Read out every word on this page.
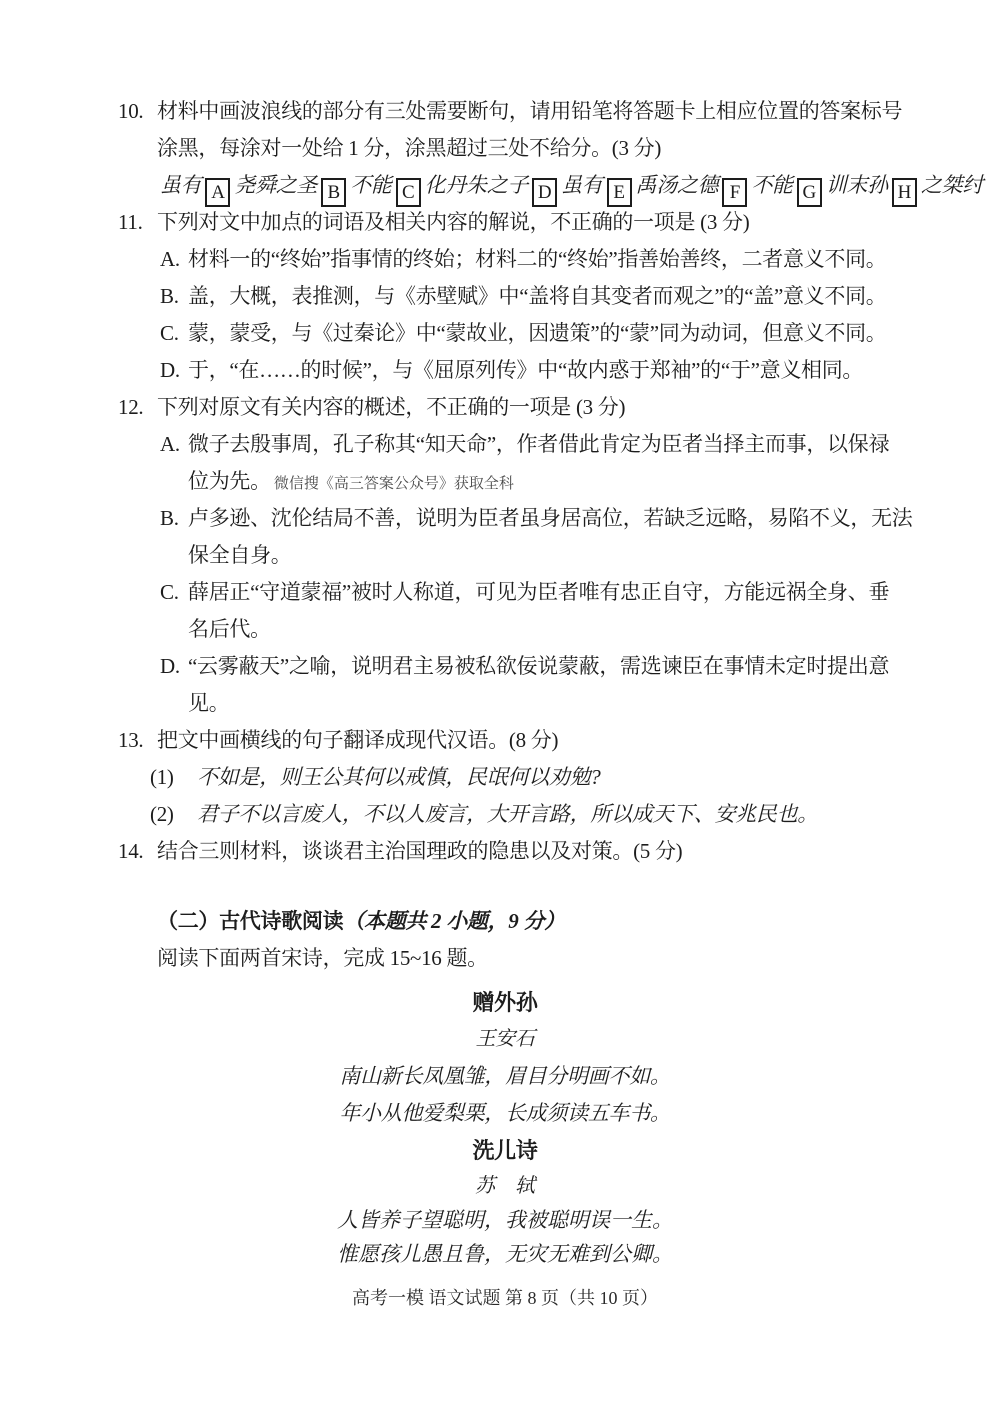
10. 材料中画波浪线的部分有三处需要断句，请用铅笔将答题卡上相应位置的答案标号
涂黑，每涂对一处给 1 分，涂黑超过三处不给分。(3 分)
虽有 A 尧舜之圣 B 不能 C 化丹朱之子 D 虽有 E 禹汤之德 F 不能 G 训末孙 H 之桀纣
11. 下列对文中加点的词语及相关内容的解说，不正确的一项是 (3 分)
A. 材料一的“终始”指事情的终始；材料二的“终始”指善始善终，二者意义不同。
B. 盖，大概，表推测，与《赤壁赋》中“盖将自其变者而观之”的“盖”意义不同。
C. 蒙，蒙受，与《过秦论》中“蒙故业，因遗策”的“蒙”同为动词，但意义不同。
D. 于，“在……的时候”，与《屈原列传》中“故内惑于郑袖”的“于”意义相同。
12. 下列对原文有关内容的概述，不正确的一项是 (3 分)
A. 微子去殷事周，孔子称其“知天命”，作者借此肯定为臣者当择主而事，以保禄
位为先。 微信搜《高三答案公众号》获取全科
B. 卢多逊、沈伦结局不善，说明为臣者虽身居高位，若缺乏远略，易陷不义，无法
保全自身。
C. 薛居正“守道蒙福”被时人称道，可见为臣者唯有忠正自守，方能远祸全身、垂
名后代。
D. “云雾蔽天”之喻，说明君主易被私欲佞说蒙蔽，需选谏臣在事情未定时提出意
见。
13. 把文中画横线的句子翻译成现代汉语。(8 分)
(1) 不如是，则王公其何以戒慎，民氓何以劝勉?
(2) 君子不以言废人，不以人废言，大开言路，所以成天下、安兆民也。
14. 结合三则材料，谈谈君主治国理政的隐患以及对策。(5 分)
（二）古代诗歌阅读（本题共 2 小题，9 分）
阅读下面两首宋诗，完成 15~16 题。
赠外孙
王安石
南山新长凤凰雏，眉目分明画不如。
年小从他爱梨栗，长成须读五车书。
洗儿诗
苏　轼
人皆养子望聪明，我被聪明误一生。
惟愿孩儿愚且鲁，无灾无难到公卿。
高考一模 语文试题 第 8 页（共 10 页）
